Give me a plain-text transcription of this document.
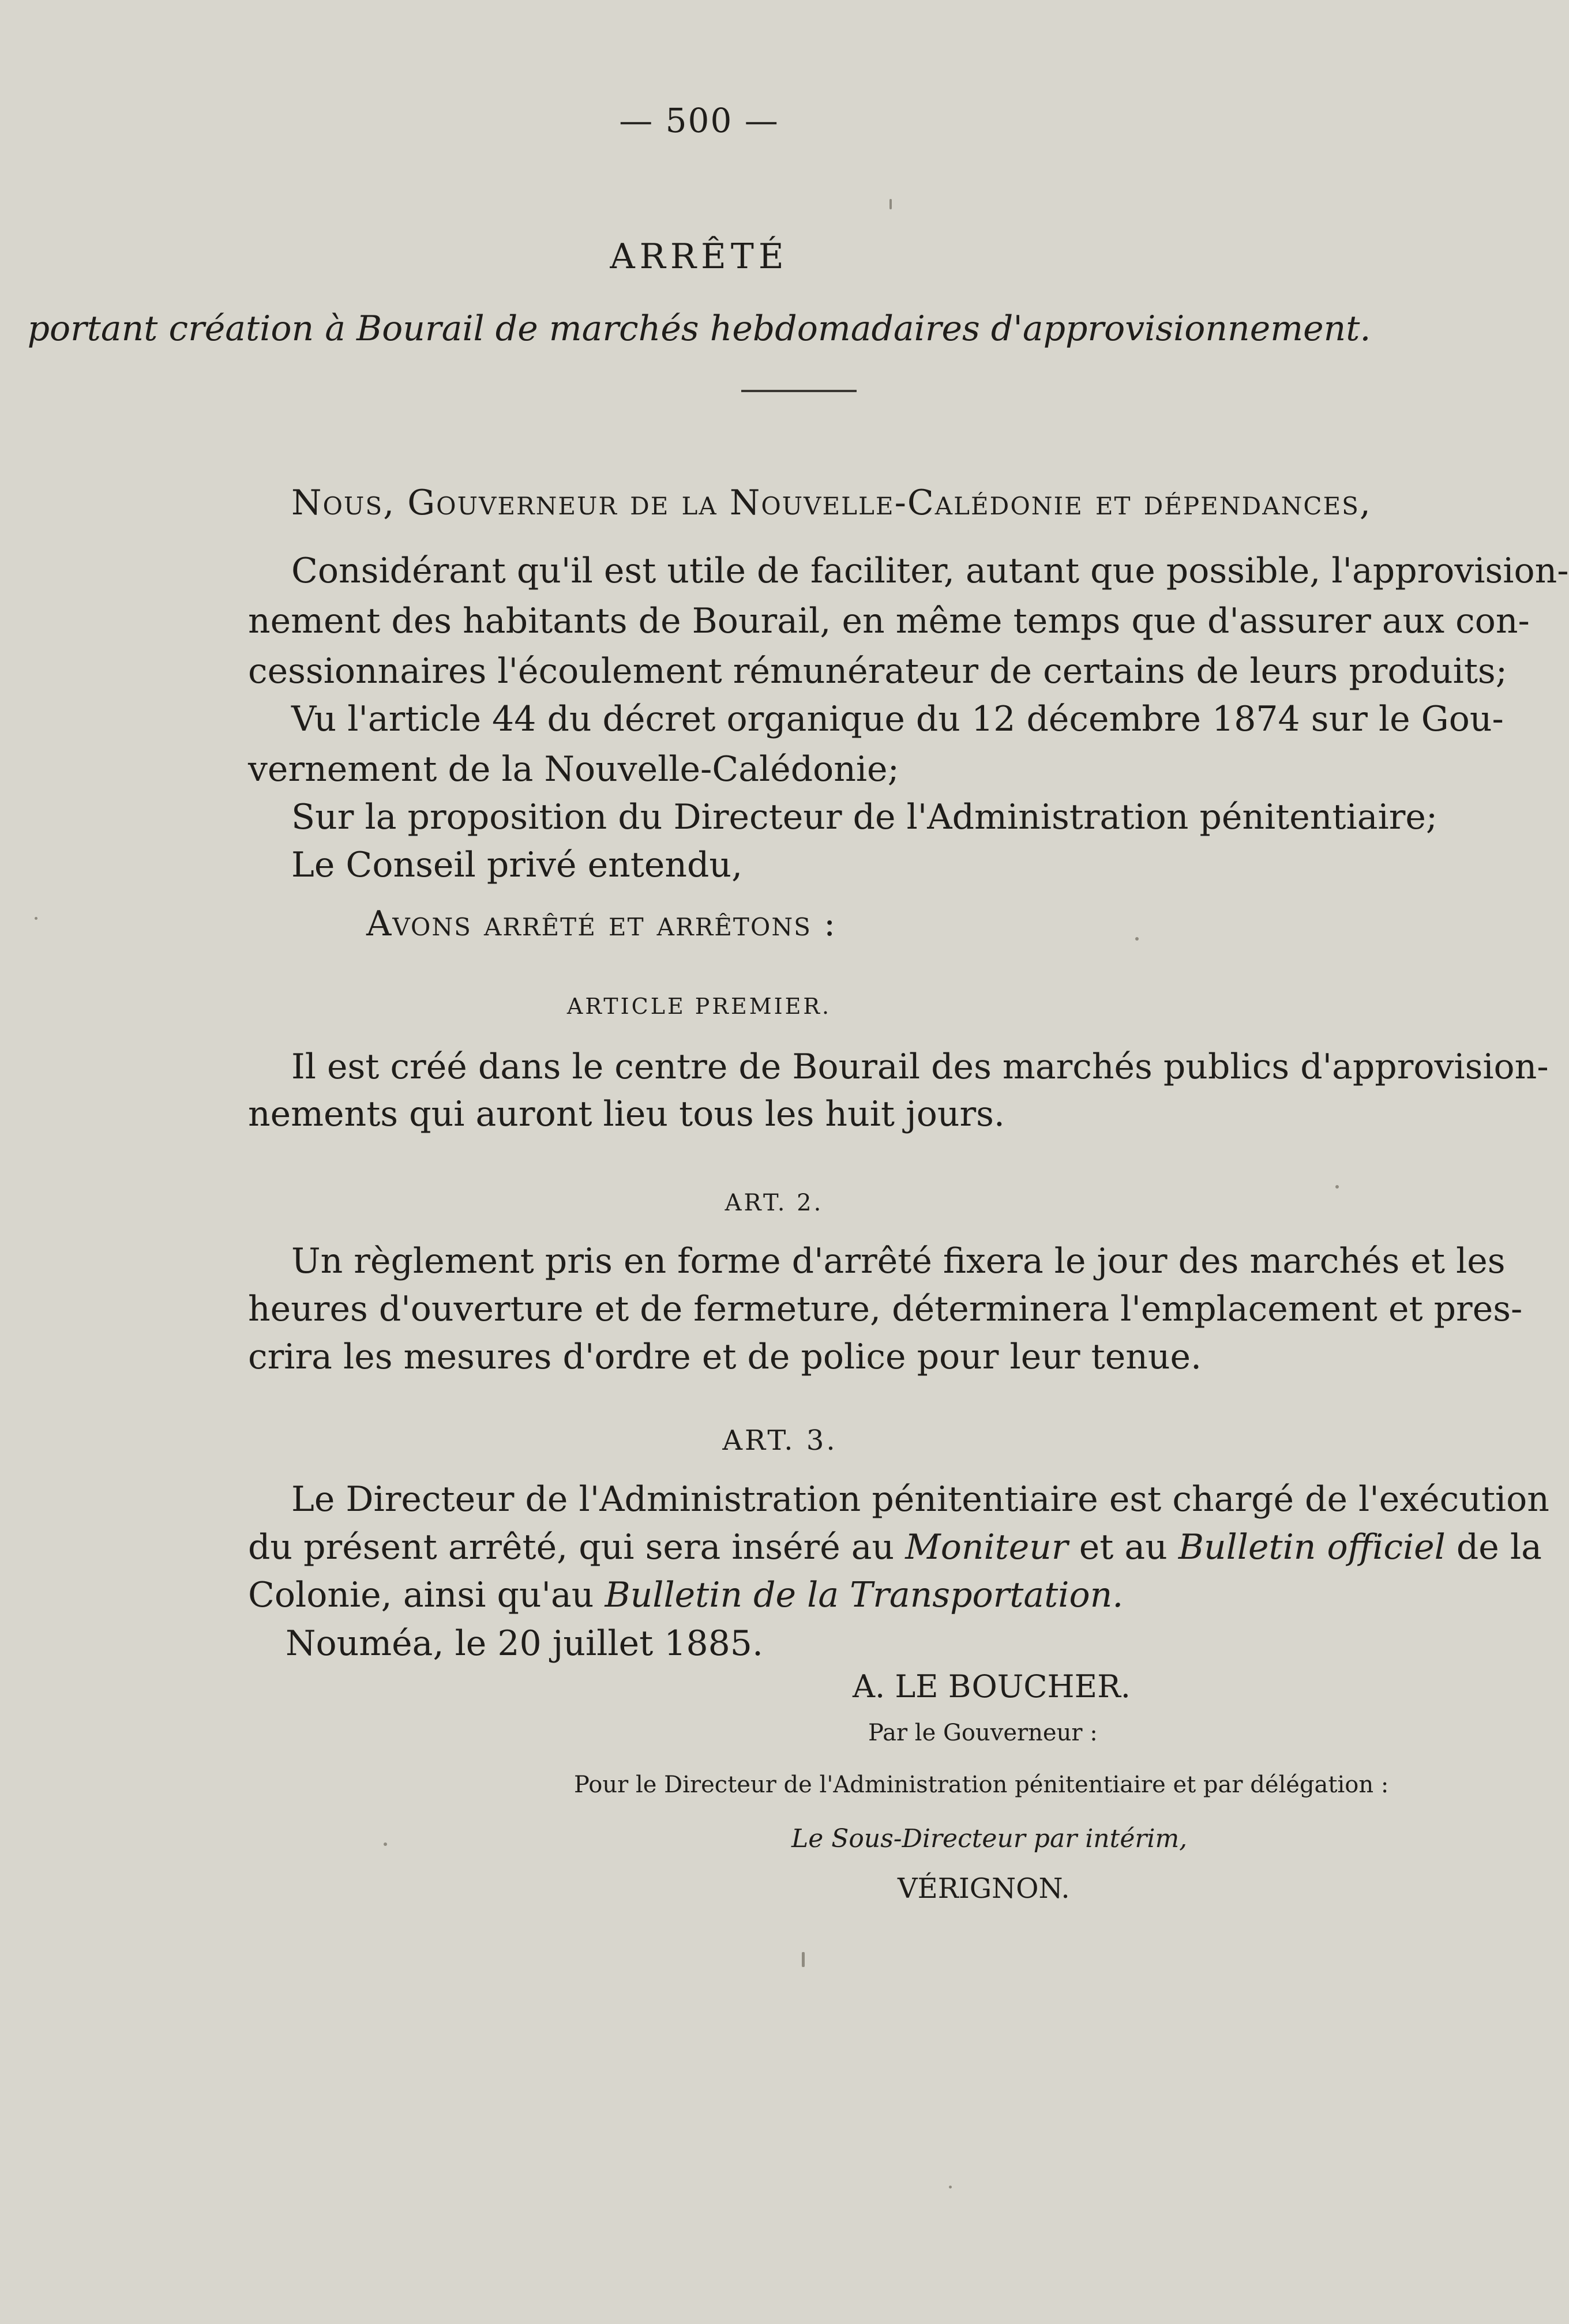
— 500 —

ARRÊTÉ

portant création à Bourail de marchés hebdomadaires d'approvisionnement.

Nous, Gouverneur de la Nouvelle-Calédonie et dépendances,

Considérant qu'il est utile de faciliter, autant que possible, l'approvision-

nement des habitants de Bourail, en même temps que d'assurer aux con-

cessionnaires l'écoulement rémunérateur de certains de leurs produits;

Vu l'article 44 du décret organique du 12 décembre 1874 sur le Gou-

vernement de la Nouvelle-Calédonie;

Sur la proposition du Directeur de l'Administration pénitentiaire;

Le Conseil privé entendu,

Avons arrêté et arrêtons :

ARTICLE PREMIER.

Il est créé dans le centre de Bourail des marchés publics d'approvision-

nements qui auront lieu tous les huit jours.

ART. 2.

Un règlement pris en forme d'arrêté fixera le jour des marchés et les

heures d'ouverture et de fermeture, déterminera l'emplacement et pres-

crira les mesures d'ordre et de police pour leur tenue.

ART. 3.

Le Directeur de l'Administration pénitentiaire est chargé de l'exécution

du présent arrêté, qui sera inséré au Moniteur et au Bulletin officiel de la

Colonie, ainsi qu'au Bulletin de la Transportation.

Nouméa, le 20 juillet 1885.

A. LE BOUCHER.

Par le Gouverneur :

Pour le Directeur de l'Administration pénitentiaire et par délégation :

Le Sous-Directeur par intérim,

VÉRIGNON.
